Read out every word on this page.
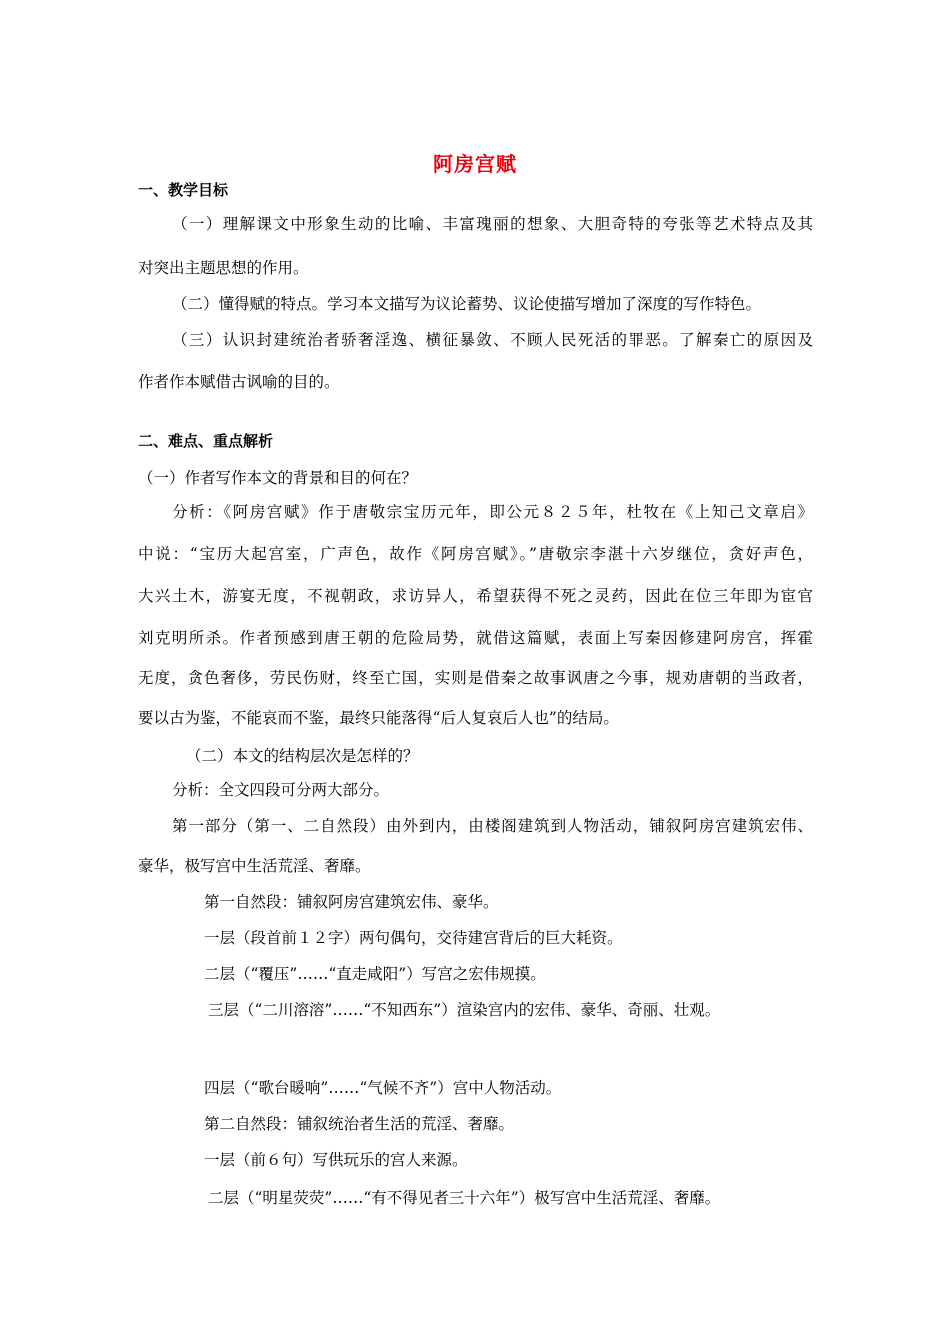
阿房宫赋
一、教学目标
（一）理解课文中形象生动的比喻、丰富瑰丽的想象、大胆奇特的夸张等艺术特点及其
对突出主题思想的作用。
（二）懂得赋的特点。学习本文描写为议论蓄势、议论使描写增加了深度的写作特色。
（三）认识封建统治者骄奢淫逸、横征暴敛、不顾人民死活的罪恶。了解秦亡的原因及
作者作本赋借古讽喻的目的。
二、难点、重点解析
（一）作者写作本文的背景和目的何在？
分析：《阿房宫赋》作于唐敬宗宝历元年，即公元８２５年，杜牧在《上知己文章启》
中说：“宝历大起宫室，广声色，故作《阿房宫赋》。”唐敬宗李湛十六岁继位，贪好声色，
大兴土木，游宴无度，不视朝政，求访异人，希望获得不死之灵药，因此在位三年即为宦官
刘克明所杀。作者预感到唐王朝的危险局势，就借这篇赋，表面上写秦因修建阿房宫，挥霍
无度，贪色奢侈，劳民伤财，终至亡国，实则是借秦之故事讽唐之今事，规劝唐朝的当政者，
要以古为鉴，不能哀而不鉴，最终只能落得“后人复哀后人也”的结局。
（二）本文的结构层次是怎样的？
分析：全文四段可分两大部分。
第一部分（第一、二自然段）由外到内，由楼阁建筑到人物活动，铺叙阿房宫建筑宏伟、
豪华，极写宫中生活荒淫、奢靡。
第一自然段：铺叙阿房宫建筑宏伟、豪华。
一层（段首前１２字）两句偶句，交待建宫背后的巨大耗资。
二层（“覆压”……“直走咸阳”）写宫之宏伟规摸。
三层（“二川溶溶”……“不知西东”）渲染宫内的宏伟、豪华、奇丽、壮观。
四层（“歌台暖响”……“气候不齐”）宫中人物活动。
第二自然段：铺叙统治者生活的荒淫、奢靡。
一层（前６句）写供玩乐的宫人来源。
二层（“明星荧荧”……“有不得见者三十六年”）极写宫中生活荒淫、奢靡。
